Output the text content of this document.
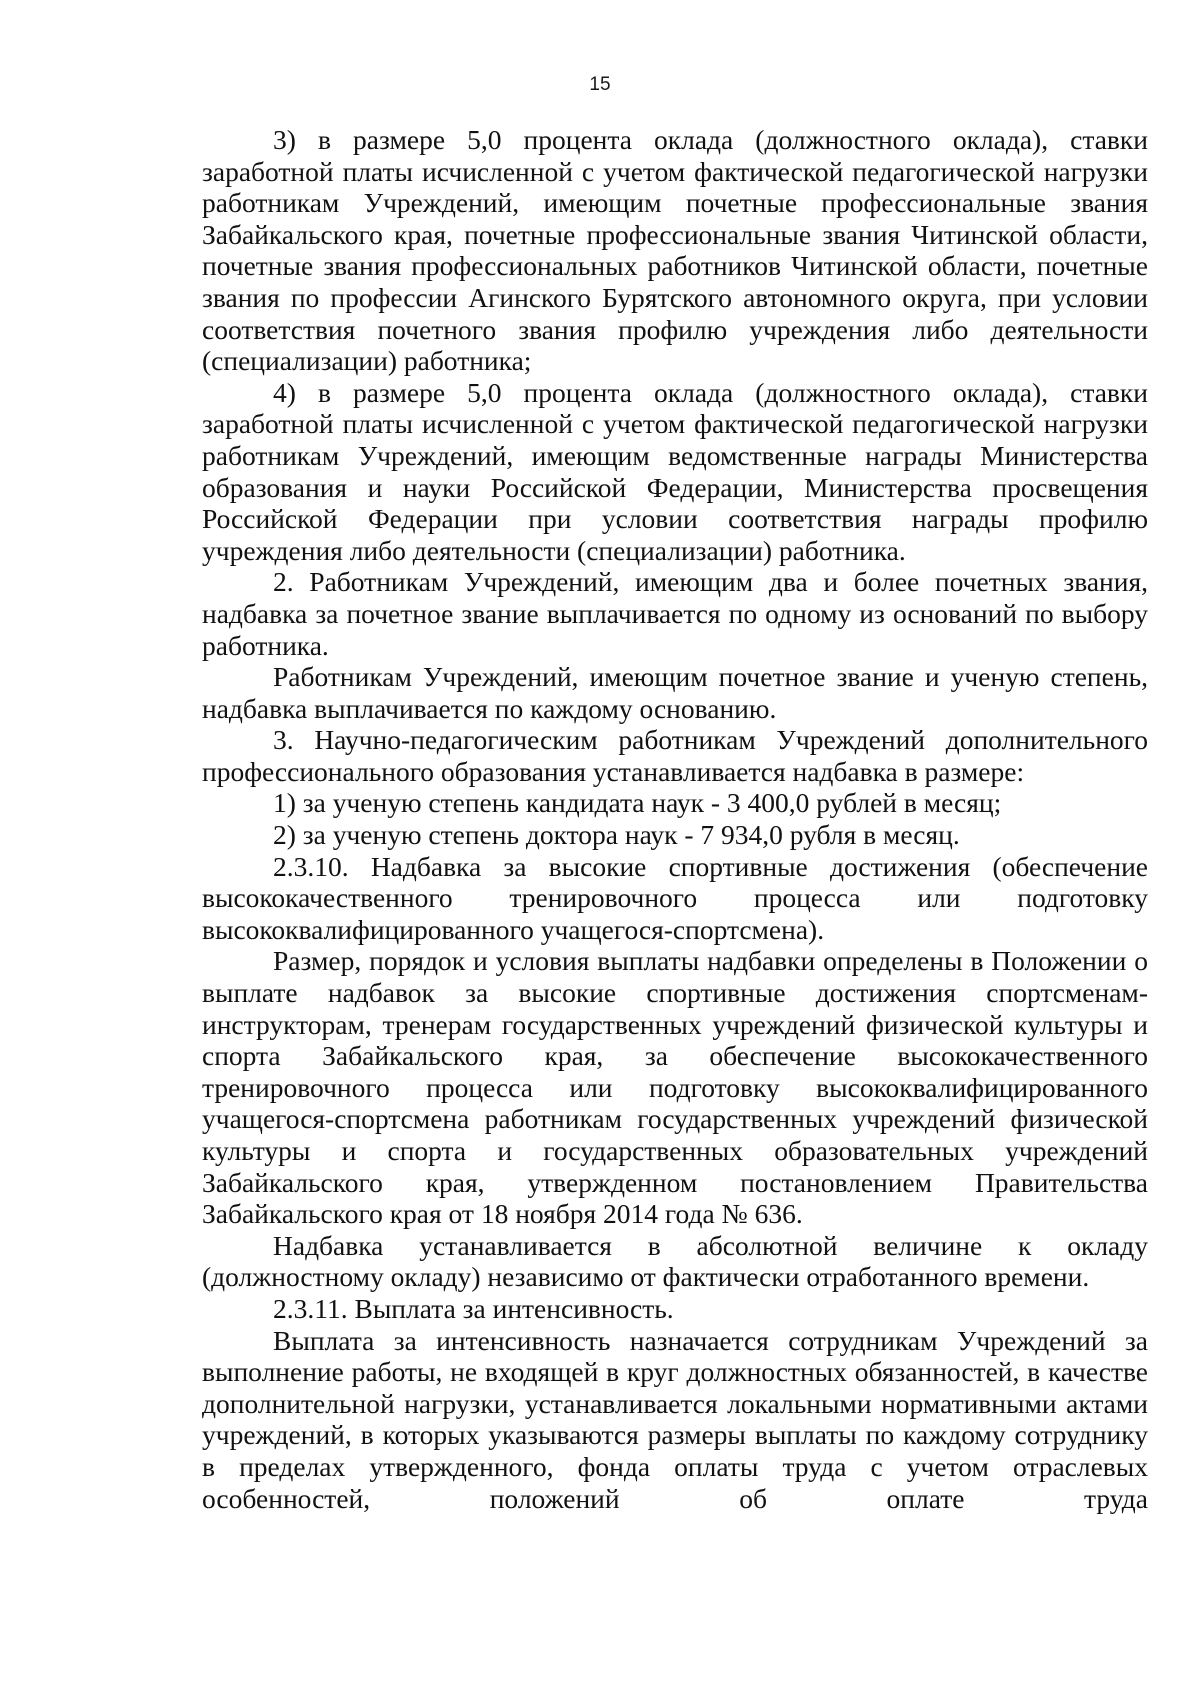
15

3) в размере 5,0 процента оклада (должностного оклада), ставки заработной платы исчисленной с учетом фактической педагогической нагрузки работникам Учреждений, имеющим почетные профессиональные звания Забайкальского края, почетные профессиональные звания Читинской области, почетные звания профессиональных работников Читинской области, почетные звания по профессии Агинского Бурятского автономного округа, при условии соответствия почетного звания профилю учреждения либо деятельности (специализации) работника;

4) в размере 5,0 процента оклада (должностного оклада), ставки заработной платы исчисленной с учетом фактической педагогической нагрузки работникам Учреждений, имеющим ведомственные награды Министерства образования и науки Российской Федерации, Министерства просвещения Российской Федерации при условии соответствия награды профилю учреждения либо деятельности (специализации) работника.

2. Работникам Учреждений, имеющим два и более почетных звания, надбавка за почетное звание выплачивается по одному из оснований по выбору работника.

Работникам Учреждений, имеющим почетное звание и ученую степень, надбавка выплачивается по каждому основанию.

3. Научно-педагогическим работникам Учреждений дополнительного профессионального образования устанавливается надбавка в размере:

1) за ученую степень кандидата наук - 3 400,0 рублей в месяц;

2) за ученую степень доктора наук - 7 934,0 рубля в месяц.

2.3.10. Надбавка за высокие спортивные достижения (обеспечение высококачественного тренировочного процесса или подготовку высококвалифицированного учащегося-спортсмена).

Размер, порядок и условия выплаты надбавки определены в Положении о выплате надбавок за высокие спортивные достижения спортсменам-инструкторам, тренерам государственных учреждений физической культуры и спорта Забайкальского края, за обеспечение высококачественного тренировочного процесса или подготовку высококвалифицированного учащегося-спортсмена работникам государственных учреждений физической культуры и спорта и государственных образовательных учреждений Забайкальского края, утвержденном постановлением Правительства Забайкальского края от 18 ноября 2014 года № 636.

Надбавка устанавливается в абсолютной величине к окладу (должностному окладу) независимо от фактически отработанного времени.

2.3.11. Выплата за интенсивность.

Выплата за интенсивность назначается сотрудникам Учреждений за выполнение работы, не входящей в круг должностных обязанностей, в качестве дополнительной нагрузки, устанавливается локальными нормативными актами учреждений, в которых указываются размеры выплаты по каждому сотруднику в пределах утвержденного, фонда оплаты труда с учетом отраслевых особенностей, положений об оплате труда
